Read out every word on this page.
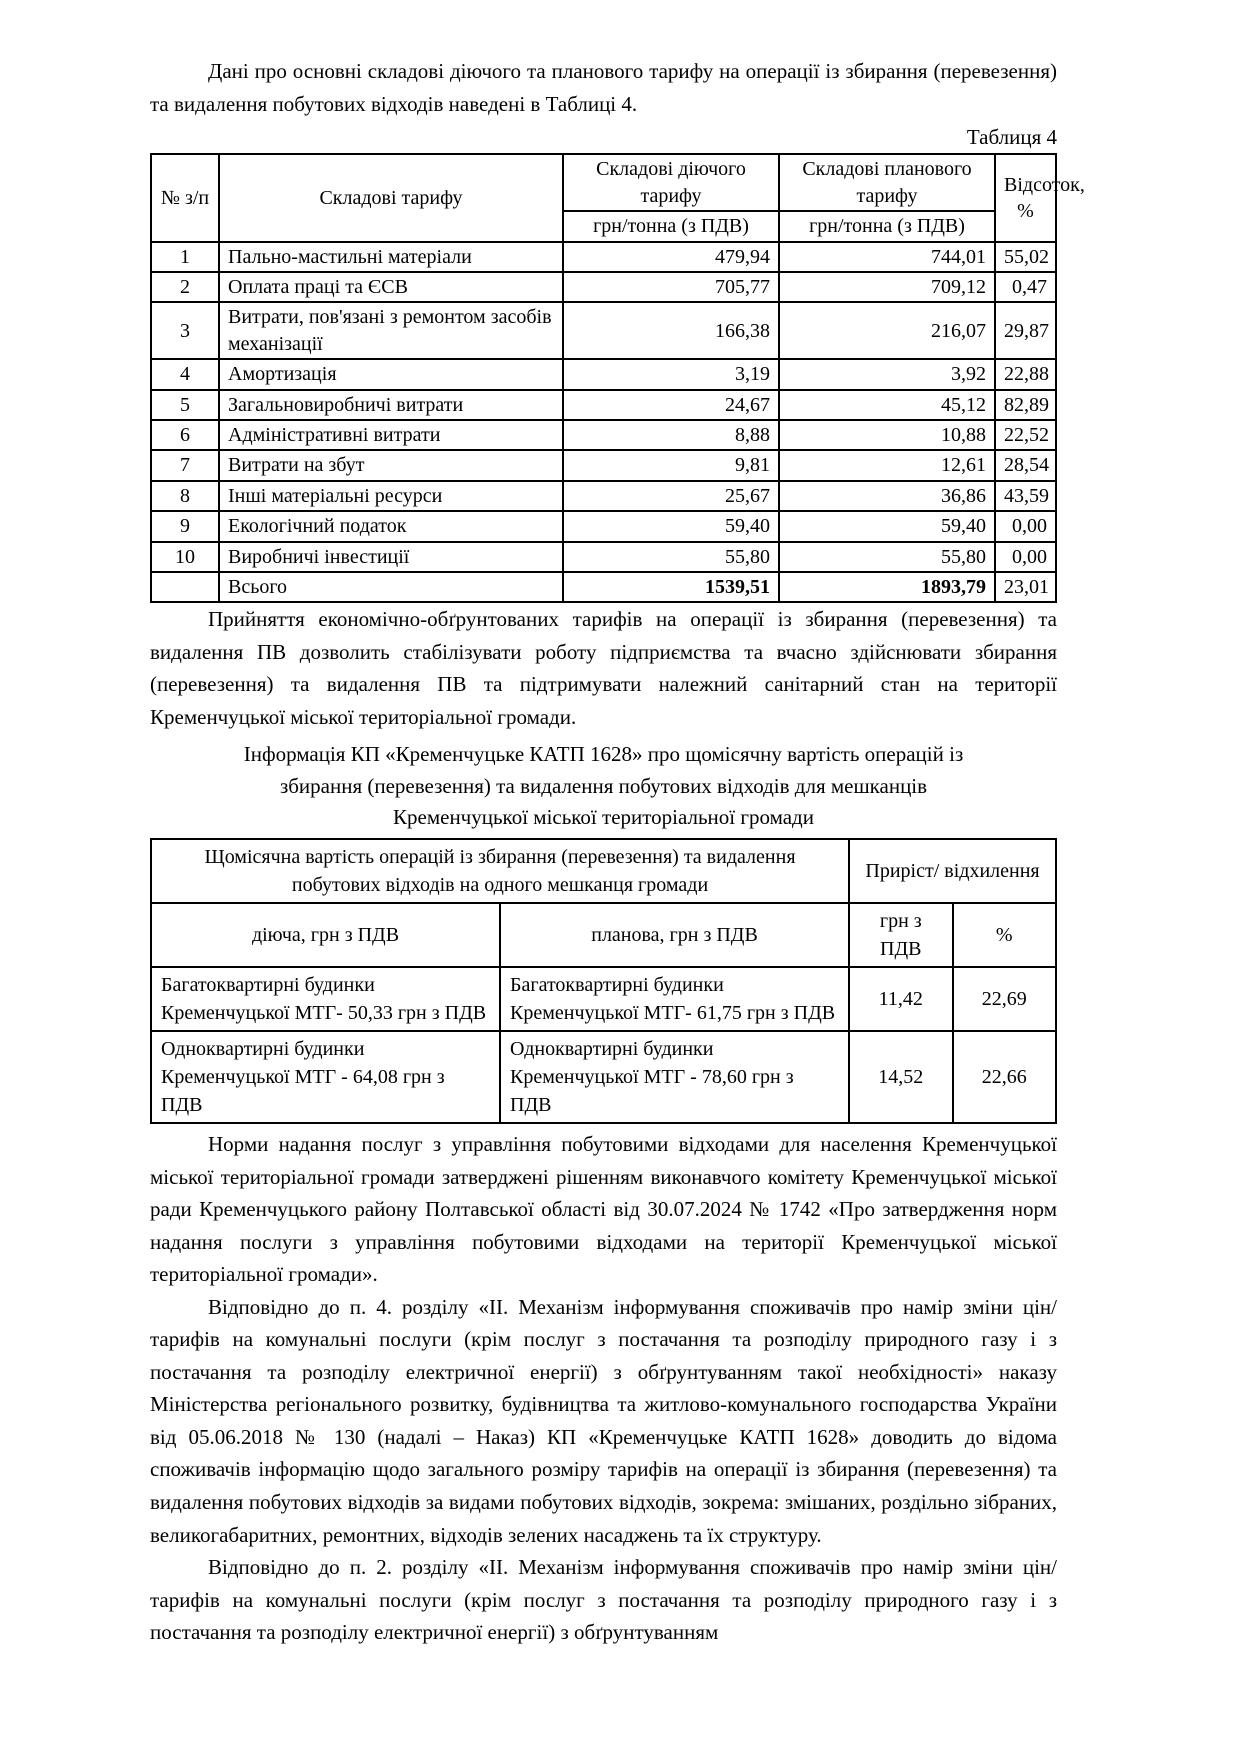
Дані про основні складові діючого та планового тарифу на операції із збирання (перевезення) та видалення побутових відходів наведені в Таблиці 4.

Таблиця 4
№ з/п	Складові тарифу	Складові діючого тарифу	Складові планового тарифу	Відсоток, %
		грн/тонна (з ПДВ)	грн/тонна (з ПДВ)	
1	Пально-мастильні матеріали	479,94	744,01	55,02
2	Оплата праці та ЄСВ	705,77	709,12	0,47
3	Витрати, пов'язані з ремонтом засобів механізації	166,38	216,07	29,87
4	Амортизація	3,19	3,92	22,88
5	Загальновиробничі витрати	24,67	45,12	82,89
6	Адміністративні витрати	8,88	10,88	22,52
7	Витрати на збут	9,81	12,61	28,54
8	Інші матеріальні ресурси	25,67	36,86	43,59
9	Екологічний податок	59,40	59,40	0,00
10	Виробничі інвестиції	55,80	55,80	0,00
	Всього	1539,51	1893,79	23,01

Прийняття економічно-обґрунтованих тарифів на операції із збирання (перевезення) та видалення ПВ дозволить стабілізувати роботу підприємства та вчасно здійснювати збирання (перевезення) та видалення ПВ та підтримувати належний санітарний стан на території Кременчуцької міської територіальної громади.

Інформація КП «Кременчуцьке КАТП 1628» про щомісячну вартість операцій із
збирання (перевезення) та видалення побутових відходів для мешканців
Кременчуцької міської територіальної громади
Щомісячна вартість операцій із збирання (перевезення) та видалення побутових відходів на одного мешканця громади		Приріст/ відхилення	
діюча, грн з ПДВ	планова, грн з ПДВ	грн з ПДВ	%
Багатоквартирні будинки Кременчуцької МТГ- 50,33 грн з ПДВ	Багатоквартирні будинки Кременчуцької МТГ- 61,75 грн з ПДВ	11,42	22,69
Одноквартирні будинки Кременчуцької МТГ - 64,08 грн з ПДВ	Одноквартирні будинки Кременчуцької МТГ - 78,60 грн з ПДВ	14,52	22,66

Норми надання послуг з управління побутовими відходами для населення Кременчуцької міської територіальної громади затверджені рішенням виконавчого комітету Кременчуцької міської ради Кременчуцького району Полтавської області від 30.07.2024 № 1742 «Про затвердження норм надання послуги з управління побутовими відходами на території Кременчуцької міської територіальної громади».

Відповідно до п. 4. розділу «ІІ. Механізм інформування споживачів про намір зміни цін/тарифів на комунальні послуги (крім послуг з постачання та розподілу природного газу і з постачання та розподілу електричної енергії) з обґрунтуванням такої необхідності» наказу Міністерства регіонального розвитку, будівництва та житлово-комунального господарства України від 05.06.2018 № 130 (надалі – Наказ) КП «Кременчуцьке КАТП 1628» доводить до відома споживачів інформацію щодо загального розміру тарифів на операції із збирання (перевезення) та видалення побутових відходів за видами побутових відходів, зокрема: змішаних, роздільно зібраних, великогабаритних, ремонтних, відходів зелених насаджень та їх структуру.

Відповідно до п. 2. розділу «ІІ. Механізм інформування споживачів про намір зміни цін/тарифів на комунальні послуги (крім послуг з постачання та розподілу природного газу і з постачання та розподілу електричної енергії) з обґрунтуванням
